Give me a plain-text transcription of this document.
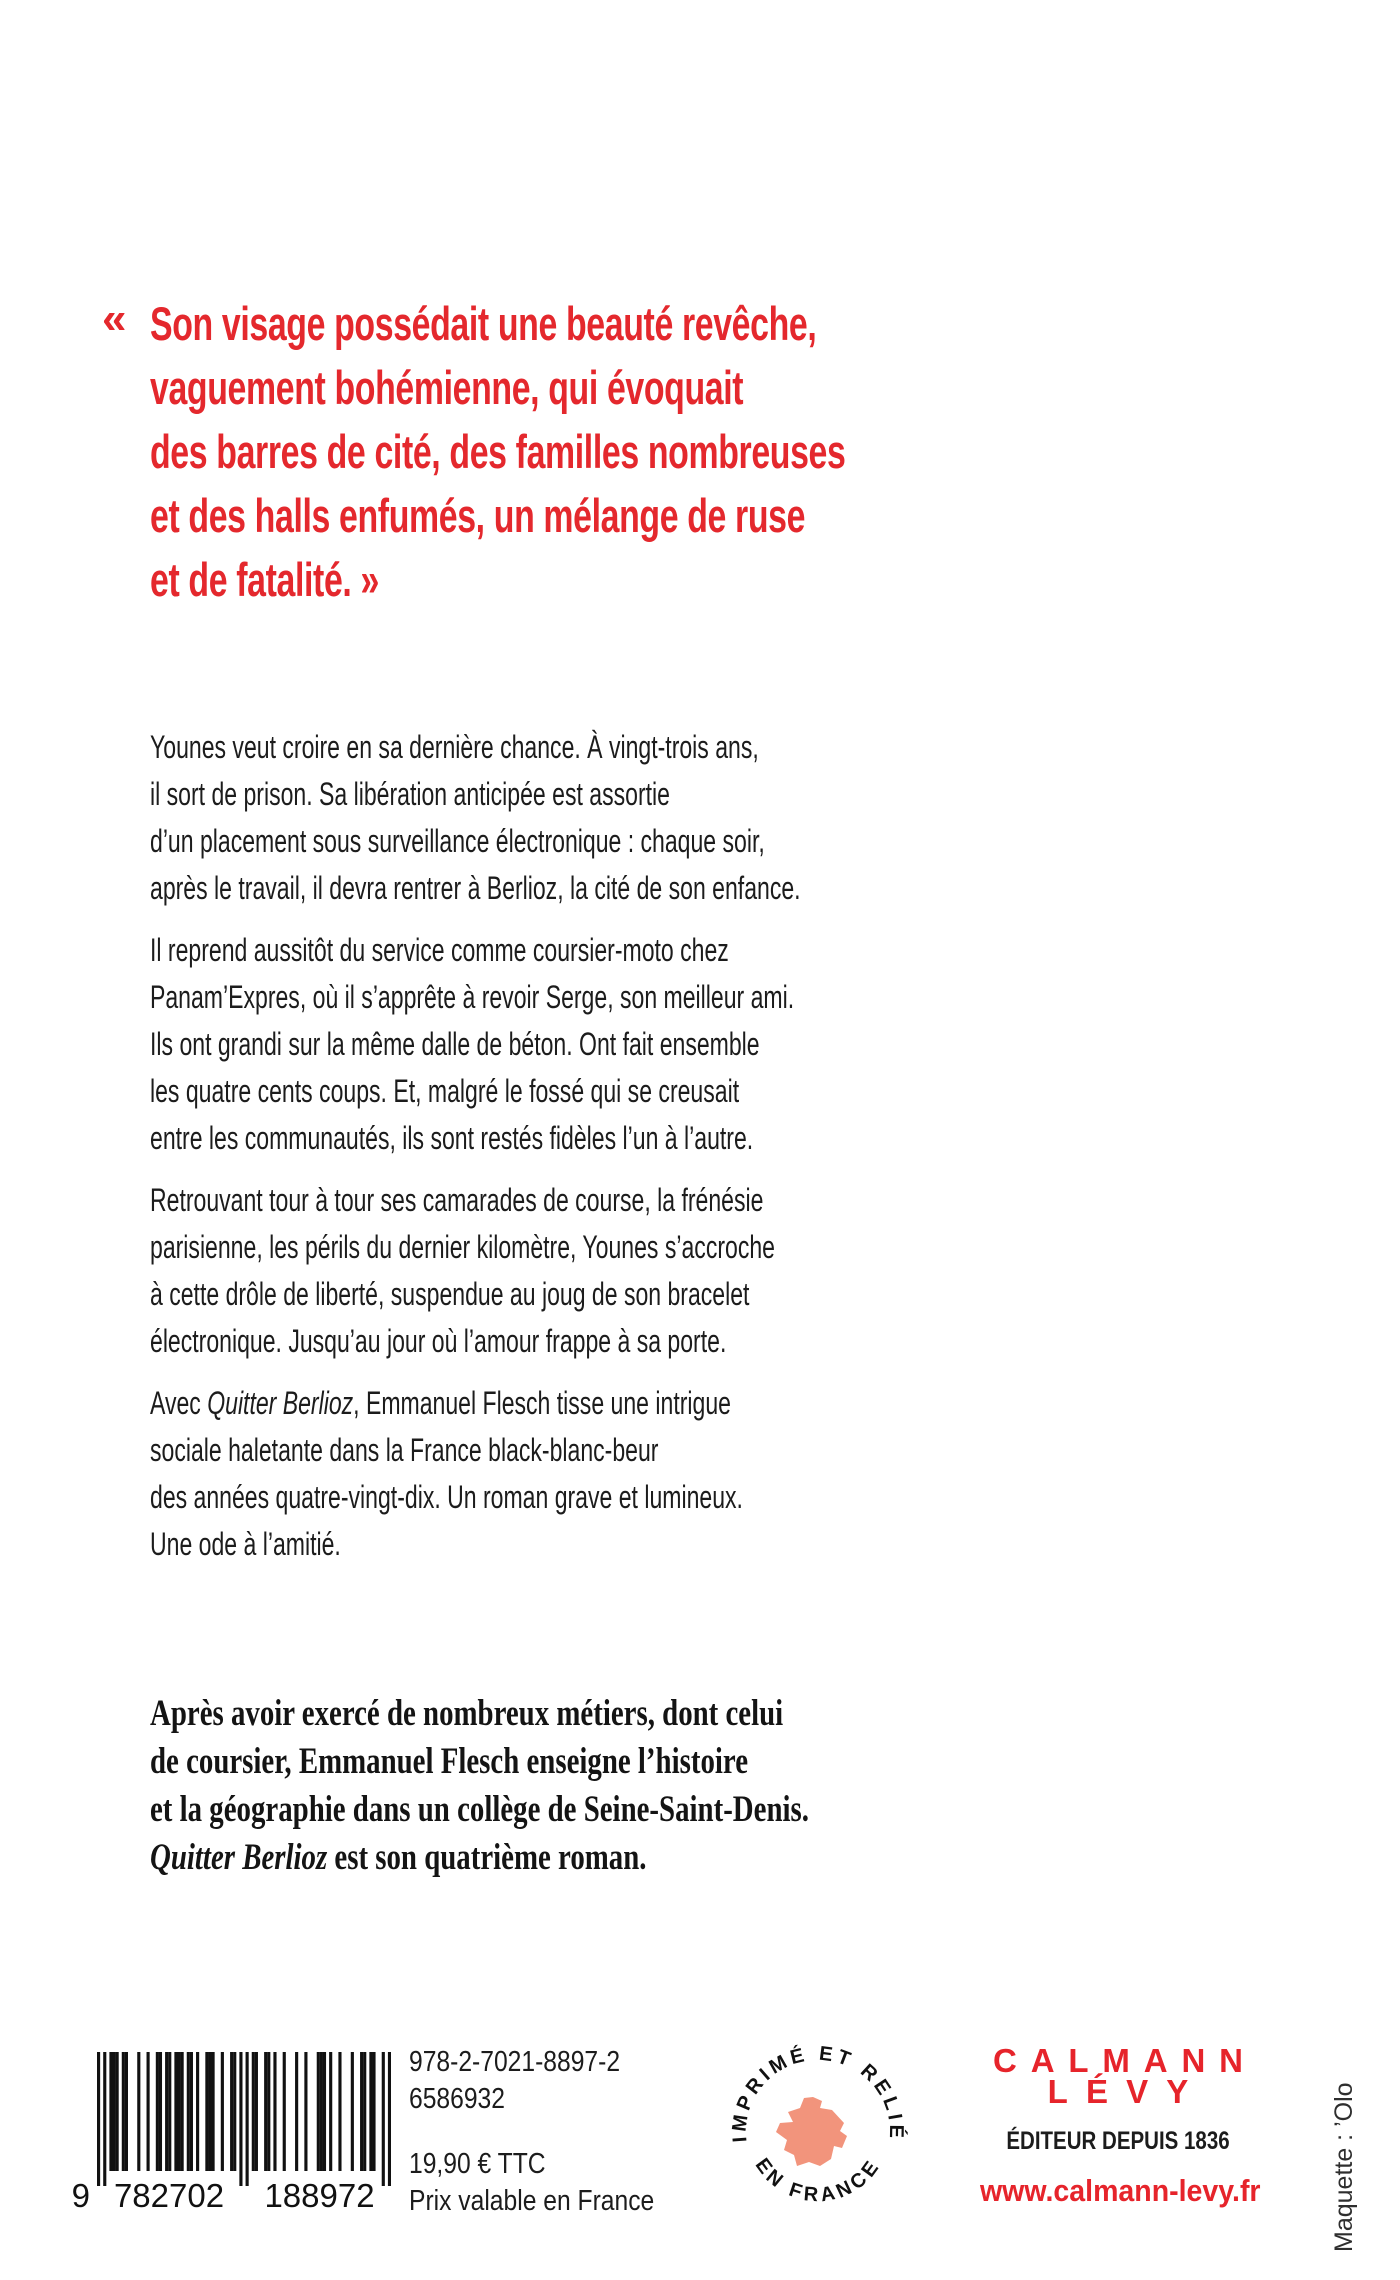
« Son visage possédait une beauté revêche,
vaguement bohémienne, qui évoquait
des barres de cité, des familles nombreuses
et des halls enfumés, un mélange de ruse
et de fatalité. »
Younes veut croire en sa dernière chance. À vingt-trois ans,
il sort de prison. Sa libération anticipée est assortie
d’un placement sous surveillance électronique : chaque soir,
après le travail, il devra rentrer à Berlioz, la cité de son enfance.
Il reprend aussitôt du service comme coursier-moto chez
Panam’Expres, où il s’apprête à revoir Serge, son meilleur ami.
Ils ont grandi sur la même dalle de béton. Ont fait ensemble
les quatre cents coups. Et, malgré le fossé qui se creusait
entre les communautés, ils sont restés fidèles l’un à l’autre.
Retrouvant tour à tour ses camarades de course, la frénésie
parisienne, les périls du dernier kilomètre, Younes s’accroche
à cette drôle de liberté, suspendue au joug de son bracelet
électronique. Jusqu’au jour où l’amour frappe à sa porte.
Avec Quitter Berlioz, Emmanuel Flesch tisse une intrigue
sociale haletante dans la France black-blanc-beur
des années quatre-vingt-dix. Un roman grave et lumineux.
Une ode à l’amitié.
Après avoir exercé de nombreux métiers, dont celui
de coursier, Emmanuel Flesch enseigne l’histoire
et la géographie dans un collège de Seine-Saint-Denis.
Quitter Berlioz est son quatrième roman.
9 782702 188972
978-2-7021-8897-2
6586932
19,90 € TTC
Prix valable en France
IMPRIMÉ ET RELIÉ
EN FRANCE
CALMANN
LÉVY
ÉDITEUR DEPUIS 1836
www.calmann-levy.fr	Maquette : ’Olo
